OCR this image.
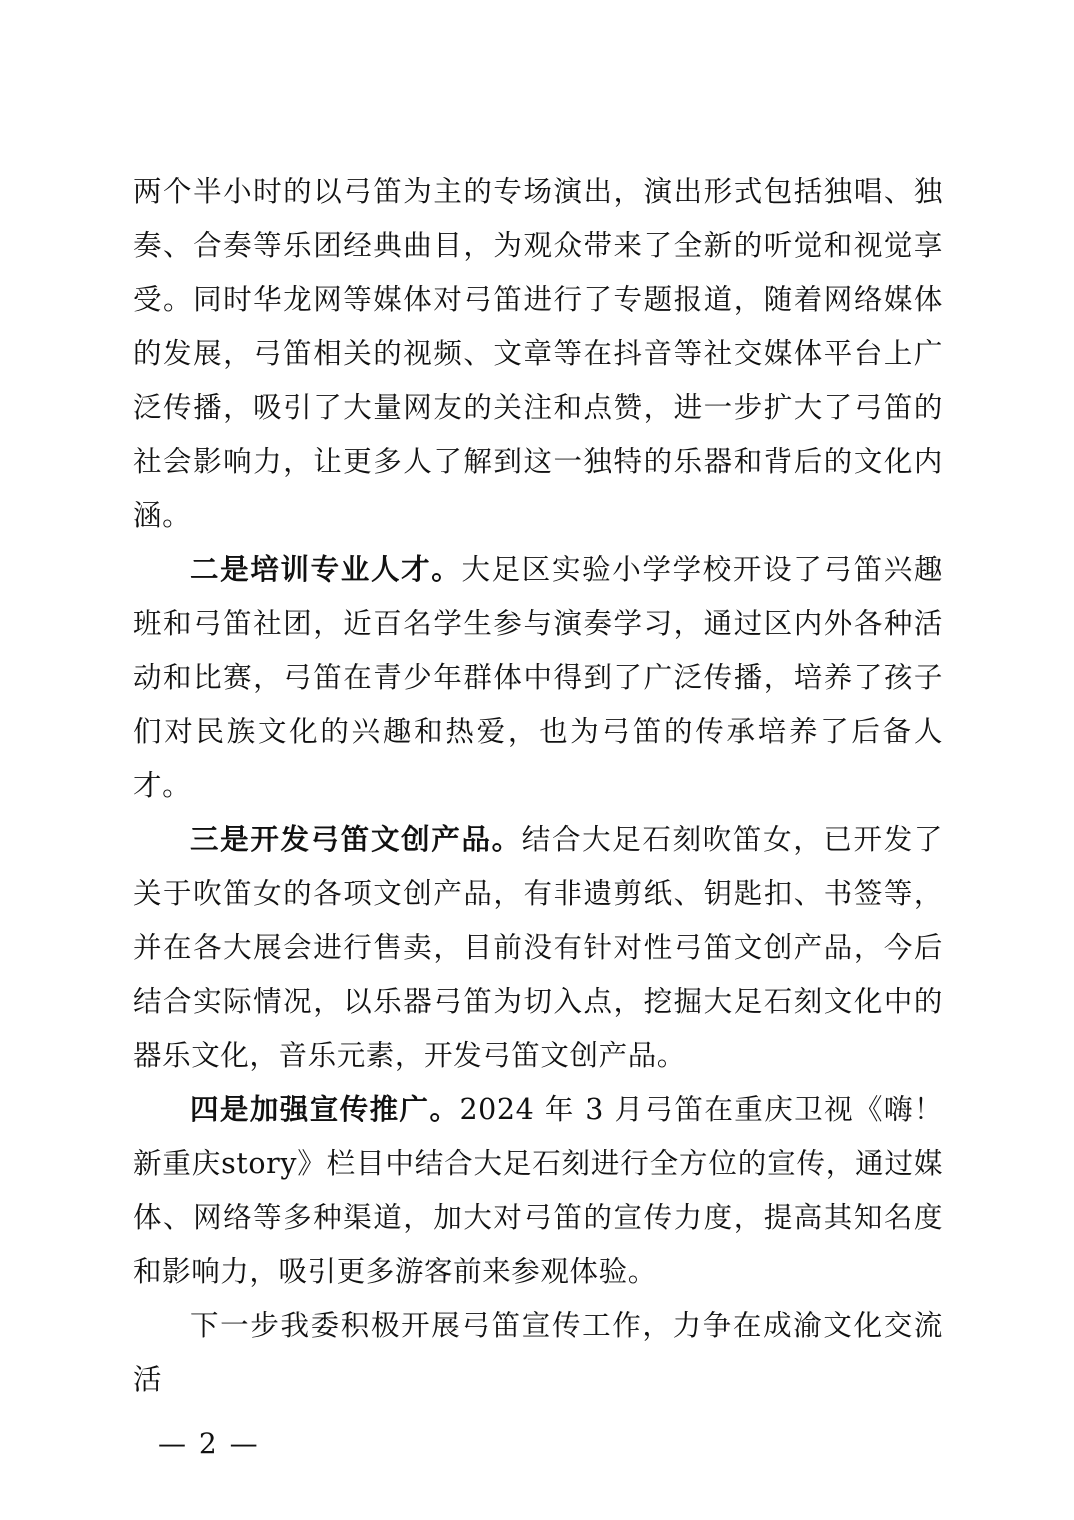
两个半小时的以弓笛为主的专场演出，演出形式包括独唱、独奏、合奏等乐团经典曲目，为观众带来了全新的听觉和视觉享受。同时华龙网等媒体对弓笛进行了专题报道，随着网络媒体的发展，弓笛相关的视频、文章等在抖音等社交媒体平台上广泛传播，吸引了大量网友的关注和点赞，进一步扩大了弓笛的社会影响力，让更多人了解到这一独特的乐器和背后的文化内涵。

二是培训专业人才。大足区实验小学学校开设了弓笛兴趣班和弓笛社团，近百名学生参与演奏学习，通过区内外各种活动和比赛，弓笛在青少年群体中得到了广泛传播，培养了孩子们对民族文化的兴趣和热爱，也为弓笛的传承培养了后备人才。

三是开发弓笛文创产品。结合大足石刻吹笛女，已开发了关于吹笛女的各项文创产品，有非遗剪纸、钥匙扣、书签等，并在各大展会进行售卖，目前没有针对性弓笛文创产品，今后结合实际情况，以乐器弓笛为切入点，挖掘大足石刻文化中的器乐文化，音乐元素，开发弓笛文创产品。

四是加强宣传推广。2024 年 3 月弓笛在重庆卫视《嗨！新重庆story》栏目中结合大足石刻进行全方位的宣传，通过媒体、网络等多种渠道，加大对弓笛的宣传力度，提高其知名度和影响力，吸引更多游客前来参观体验。

下一步我委积极开展弓笛宣传工作，力争在成渝文化交流活

— 2 —
